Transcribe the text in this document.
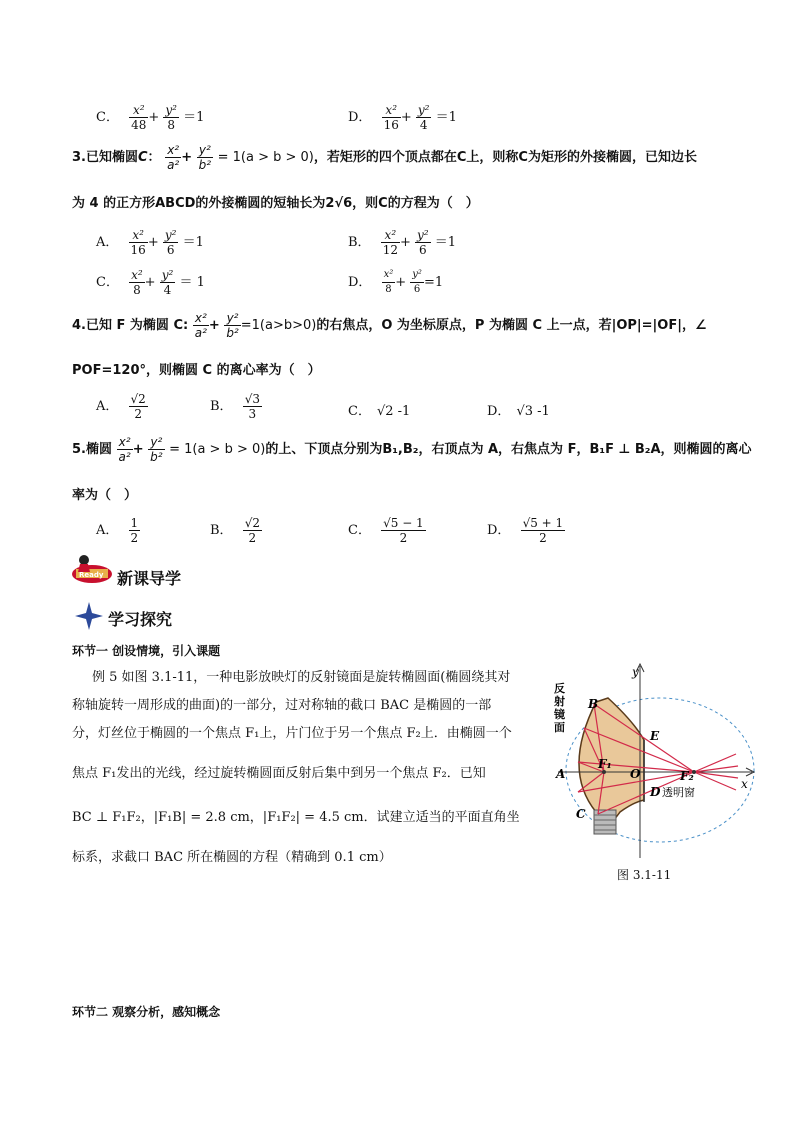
C． $\frac{\text{x²}}{48} + \frac{\text{y²}}{8} =1$	D． $\frac{\text{x²}}{16} + \frac{\text{y²}}{4} =1$
3.已知椭圆C： $\frac{\text{x²}}{\text{a²}} + \frac{\text{y²}}{\text{b²}} = 1(a > b > 0)$，若矩形的四个顶点都在C上，则称C为矩形的外接椭圆，已知边长
为 4 的正方形ABCD的外接椭圆的短轴长为2√6，则C的方程为（　）
A． $\frac{\text{x²}}{16} + \frac{\text{y²}}{6} =1$	B． $\frac{\text{x²}}{12} + \frac{\text{y²}}{6} =1$
C． $\frac{\text{x²}}{8} + \frac{\text{y²}}{4} = 1$	D． $\frac{\text{x²}}{8} + \frac{\text{y²}}{6} =1$
4.已知 F 为椭圆 C: $\frac{\text{x²}}{\text{a²}} + \frac{\text{y²}}{\text{b²}} =1(a>b>0)$的右焦点，O 为坐标原点，P 为椭圆 C 上一点，若|OP|=|OF|，∠
POF=120°，则椭圆 C 的离心率为（　）
A． $\frac{√2}{2}$	B． $\frac{√3}{3}$	C． √2 -1	D． √3 -1
5.椭圆 $\frac{\text{x²}}{\text{a²}} + \frac{\text{y²}}{\text{b²}} = 1(a > b > 0)$的上、下顶点分别为B₁,B₂，右顶点为 A，右焦点为 F，B₁F ⊥ B₂A，则椭圆的离心
率为（　）
A． $\frac{1}{2}$	B． $\frac{√2}{2}$	C． $\frac{√5 - 1}{2}$	D． $\frac{√5 + 1}{2}$
Ready 新课导学
学习探究
环节一 创设情境，引入课题
例 5 如图 3.1-11，一种电影放映灯的反射镜面是旋转椭圆面(椭圆绕其对
称轴旋转一周形成的曲面)的一部分，过对称轴的截口 BAC 是椭圆的一部
分，灯丝位于椭圆的一个焦点 F₁上，片门位于另一个焦点 F₂上．由椭圆一个
焦点 F₁发出的光线，经过旋转椭圆面反射后集中到另一个焦点 F₂．已知
BC ⊥ F₁F₂，|F₁B| = 2.8 cm，|F₁F₂| = 4.5 cm．试建立适当的平面直角坐
标系，求截口 BAC 所在椭圆的方程（精确到 0.1 cm）
y
x
B
A
C
E
O
D
F₁
F₂
反
射
镜
面
透明窗
图 3.1-11
环节二 观察分析，感知概念
